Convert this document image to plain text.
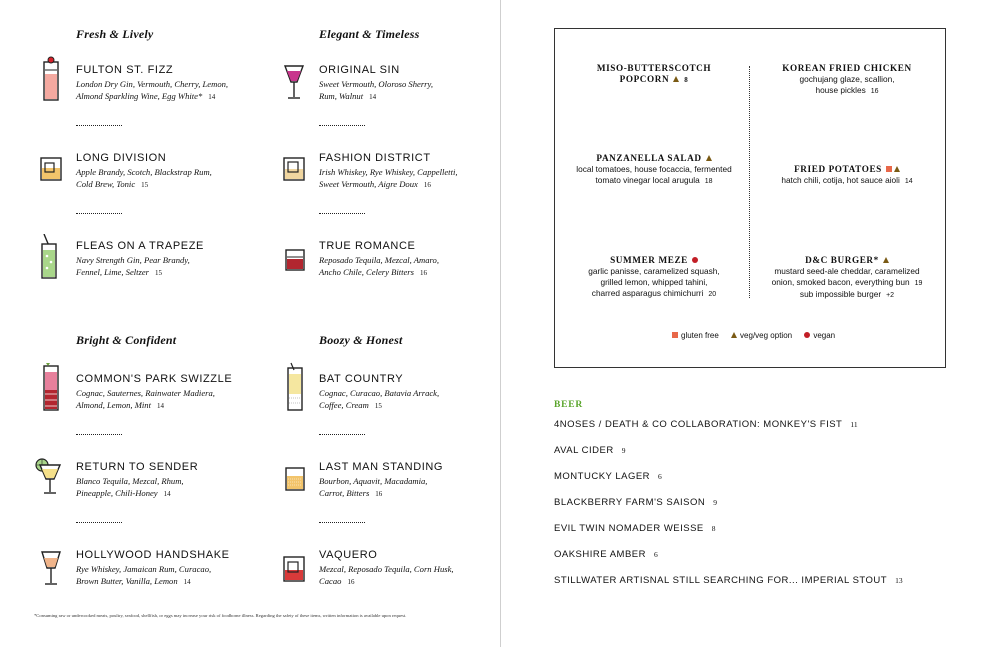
Fresh & Lively	Elegant & Timeless
Bright & Confident	Boozy & Honest
FULTON ST. FIZZ
London Dry Gin, Vermouth, Cherry, Lemon,
Almond Sparkling Wine, Egg White* 14
LONG DIVISION
Apple Brandy, Scotch, Blackstrap Rum,
Cold Brew, Tonic 15
FLEAS ON A TRAPEZE
Navy Strength Gin, Pear Brandy,
Fennel, Lime, Seltzer 15
ORIGINAL SIN
Sweet Vermouth, Oloroso Sherry,
Rum, Walnut 14
FASHION DISTRICT
Irish Whiskey, Rye Whiskey, Cappelletti,
Sweet Vermouth, Aigre Doux 16
TRUE ROMANCE
Reposado Tequila, Mezcal, Amaro,
Ancho Chile, Celery Bitters 16
COMMON'S PARK SWIZZLE
Cognac, Sauternes, Rainwater Madiera,
Almond, Lemon, Mint 14
RETURN TO SENDER
Blanco Tequila, Mezcal, Rhum,
Pineapple, Chili-Honey 14
HOLLYWOOD HANDSHAKE
Rye Whiskey, Jamaican Rum, Curacao,
Brown Butter, Vanilla, Lemon 14
BAT COUNTRY
Cognac, Curacao, Batavia Arrack,
Coffee, Cream 15
LAST MAN STANDING
Bourbon, Aquavit, Macadamia,
Carrot, Bitters 16
VAQUERO
Mezcal, Reposado Tequila, Corn Husk,
Cacao 16
*Consuming raw or undercooked meats, poultry, seafood, shellfish, or eggs may increase your risk of foodborne illness. Regarding the safety of these items, written information is available upon request.
MISO-BUTTERSCOTCH
POPCORN 8
KOREAN FRIED CHICKEN
gochujang glaze, scallion,
house pickles 16
PANZANELLA SALAD
local tomatoes, house focaccia, fermented
tomato vinegar local arugula 18
FRIED POTATOES
hatch chili, cotija, hot sauce aioli 14
SUMMER MEZE
garlic panisse, caramelized squash,
grilled lemon, whipped tahini,
charred asparagus chimichurri 20
D&C BURGER*
mustard seed-ale cheddar, caramelized
onion, smoked bacon, everything bun 19
sub impossible burger +2
gluten free	veg/veg option	vegan
BEER
4NOSES / DEATH & CO COLLABORATION: MONKEY'S FIST 11
AVAL CIDER 9
MONTUCKY LAGER 6
BLACKBERRY FARM'S SAISON 9
EVIL TWIN NOMADER WEISSE 8
OAKSHIRE AMBER 6
STILLWATER ARTISNAL STILL SEARCHING FOR... IMPERIAL STOUT 13
